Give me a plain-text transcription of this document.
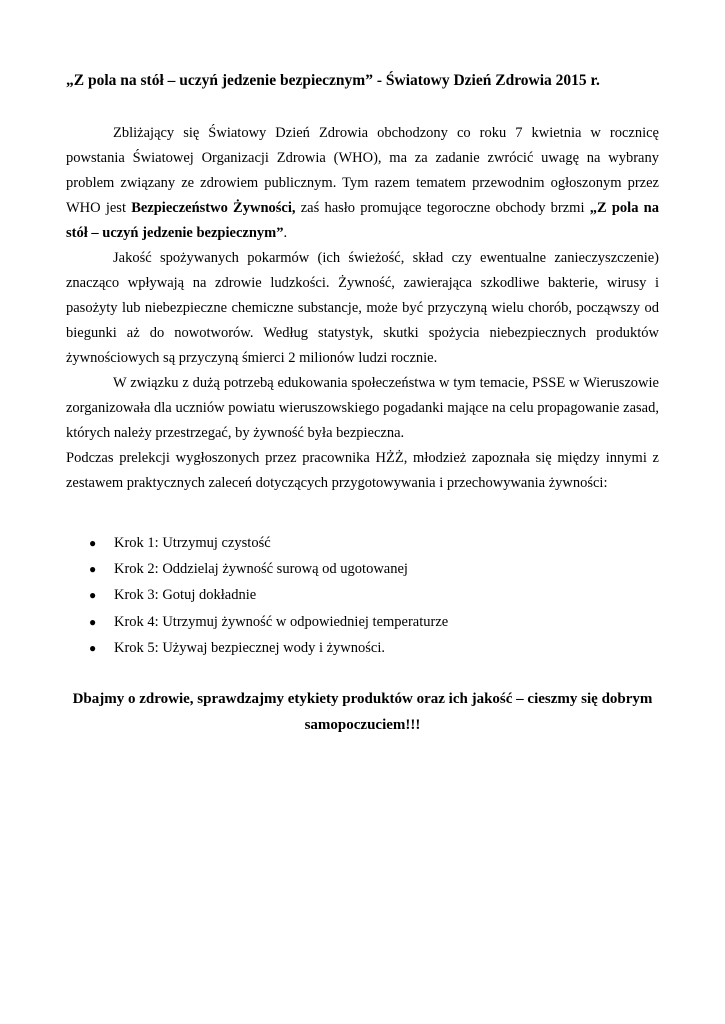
„Z pola na stół – uczyń jedzenie bezpiecznym” - Światowy Dzień Zdrowia 2015 r.

Zbliżający się Światowy Dzień Zdrowia obchodzony co roku 7 kwietnia w rocznicę powstania Światowej Organizacji Zdrowia (WHO), ma za zadanie zwrócić uwagę na wybrany problem związany ze zdrowiem publicznym. Tym razem tematem przewodnim ogłoszonym przez WHO jest Bezpieczeństwo Żywności, zaś hasło promujące tegoroczne obchody brzmi „Z pola na stół – uczyń jedzenie bezpiecznym”.

Jakość spożywanych pokarmów (ich świeżość, skład czy ewentualne zanieczyszczenie) znacząco wpływają na zdrowie ludzkości. Żywność, zawierająca szkodliwe bakterie, wirusy i pasożyty lub niebezpieczne chemiczne substancje, może być przyczyną wielu chorób, począwszy od biegunki aż do nowotworów. Według statystyk, skutki spożycia niebezpiecznych produktów żywnościowych są przyczyną śmierci 2 milionów ludzi rocznie.

W związku z dużą potrzebą edukowania społeczeństwa w tym temacie, PSSE w Wieruszowie zorganizowała dla uczniów powiatu wieruszowskiego pogadanki mające na celu propagowanie zasad, których należy przestrzegać, by żywność była bezpieczna.

Podczas prelekcji wygłoszonych przez pracownika HŻŻ, młodzież zapoznała się między innymi z zestawem praktycznych zaleceń dotyczących przygotowywania i przechowywania żywności:

● Krok 1: Utrzymuj czystość
● Krok 2: Oddzielaj żywność surową od ugotowanej
● Krok 3: Gotuj dokładnie
● Krok 4: Utrzymuj żywność w odpowiedniej temperaturze
● Krok 5: Używaj bezpiecznej wody i żywności.
Dbajmy o zdrowie, sprawdzajmy etykiety produktów oraz ich jakość – cieszmy się dobrym
samopoczuciem!!!
